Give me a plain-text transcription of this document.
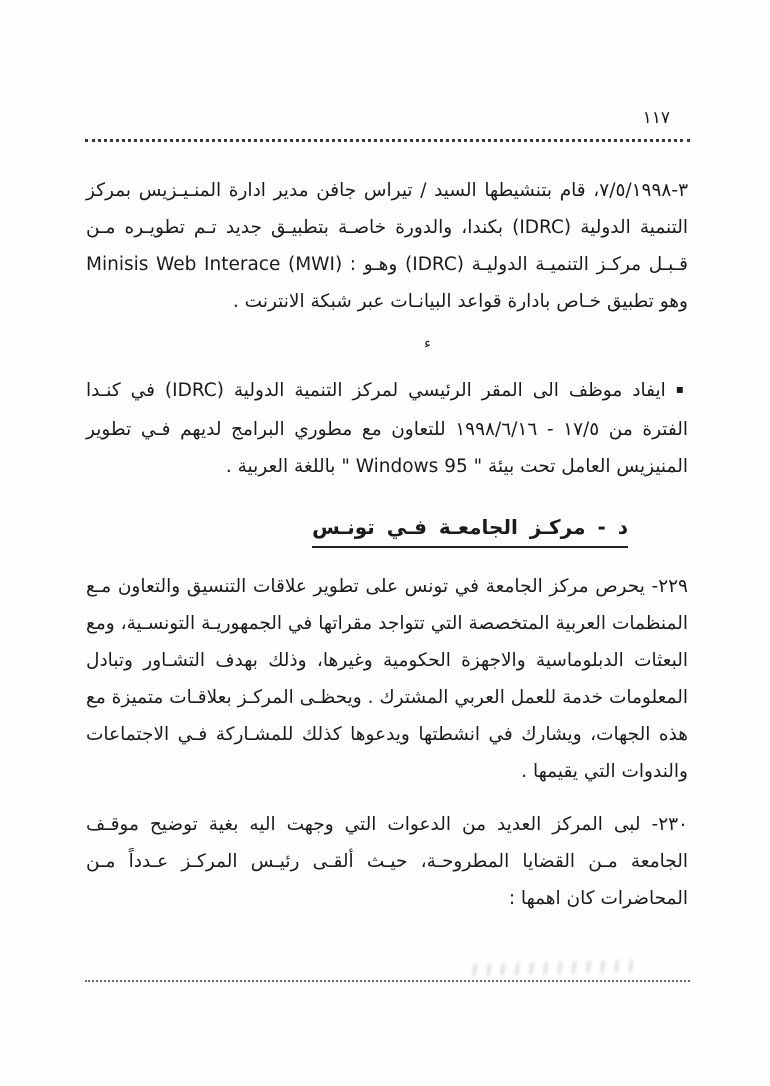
١١٧

٣-٧/٥/١٩٩٨، قام بتنشيطها السيد / تيراس جافن مدير ادارة المنـيـزيس بمركز التنمية الدولية (IDRC) بكندا، والدورة خاصـة بتطبيـق جديد تـم تطويـره مـن قـبـل مركـز التنميـة الدوليـة (IDRC) وهـو : (MWI) Minisis Web Interace وهو تطبيق خـاص بادارة قواعد البيانـات عبر شبكة الانترنت .

ء

▪ايفاد موظف الى المقر الرئيسي لمركز التنمية الدولية (IDRC) في كنـدا الفترة من ١٧/٥ - ١٩٩٨/٦/١٦ للتعاون مع مطوري البرامج لديهم فـي تطوير المنيزيس العامل تحت بيئة " Windows 95 " باللغة العربية .

د - مركـز الجامعـة فـي تونـس

٢٢٩- يحرص مركز الجامعة في تونس على تطوير علاقات التنسيق والتعاون مـع المنظمات العربية المتخصصة التي تتواجد مقراتها في الجمهوريـة التونسـية، ومع البعثات الدبلوماسية والاجهزة الحكومية وغيرها، وذلك بهدف التشـاور وتبادل المعلومات خدمة للعمل العربي المشترك . ويحظـى المركـز بعلاقـات متميزة مع هذه الجهات، ويشارك في انشطتها ويدعوها كذلك للمشـاركة فـي الاجتماعات والندوات التي يقيمها .

٢٣٠- لبى المركز العديد من الدعوات التي وجهت اليه بغية توضيح موقـف الجامعة مـن القضايا المطروحـة، حيـث ألقـى رئيـس المركـز عـدداً مـن المحاضرات كان اهمها :
